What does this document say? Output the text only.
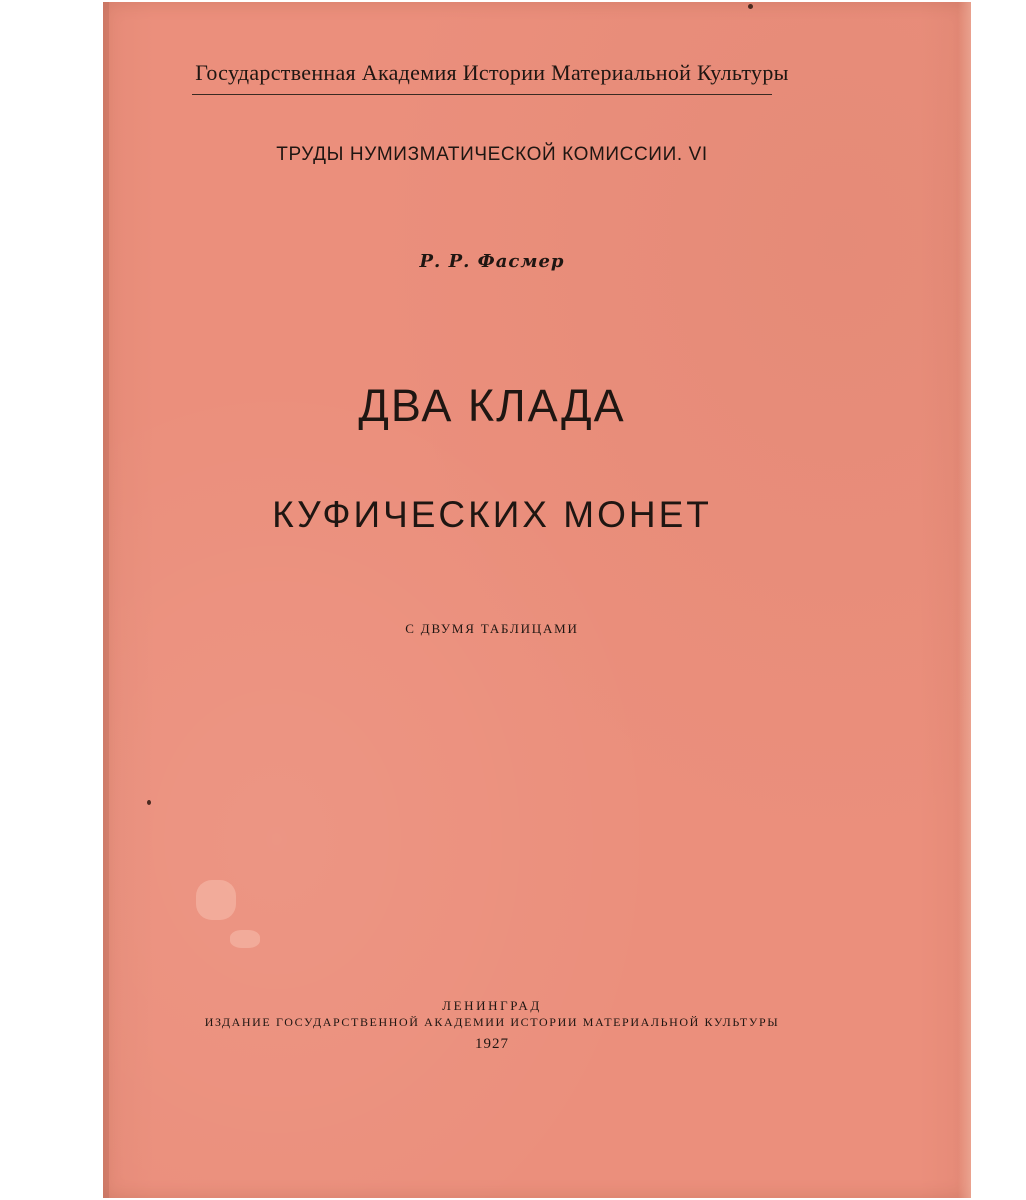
Государственная Академия Истории Материальной Культуры

ТРУДЫ НУМИЗМАТИЧЕСКОЙ КОМИССИИ. VI

Р. Р. Фасмер

ДВА КЛАДА
КУФИЧЕСКИХ МОНЕТ

С ДВУМЯ ТАБЛИЦАМИ

ЛЕНИНГРАД

ИЗДАНИЕ ГОСУДАРСТВЕННОЙ АКАДЕМИИ ИСТОРИИ МАТЕРИАЛЬНОЙ КУЛЬТУРЫ

1927
